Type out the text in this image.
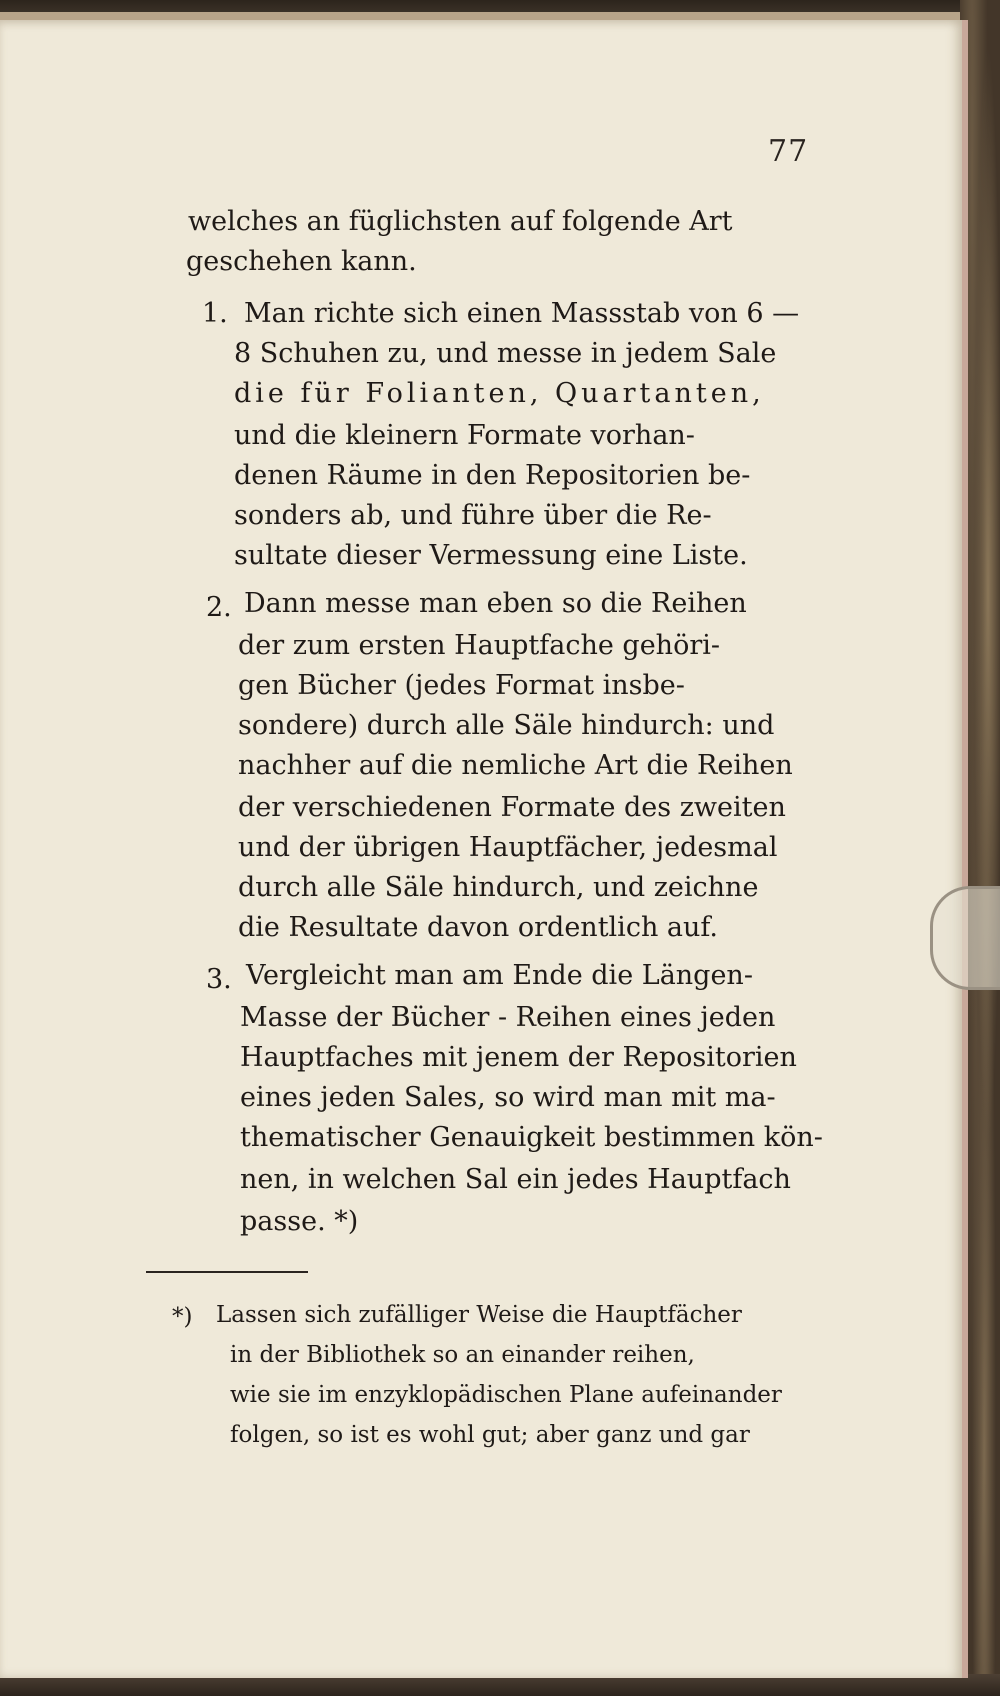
77
welches an füglichsten auf folgende Art
geschehen kann.
1. Man richte sich einen Massstab von 6 —
8 Schuhen zu, und messe in jedem Sale
die für Folianten, Quartanten,
und die kleinern Formate vorhan-
denen Räume in den Repositorien be-
sonders ab, und führe über die Re-
sultate dieser Vermessung eine Liste.
2. Dann messe man eben so die Reihen
der zum ersten Hauptfache gehöri-
gen Bücher (jedes Format insbe-
sondere) durch alle Säle hindurch: und
nachher auf die nemliche Art die Reihen
der verschiedenen Formate des zweiten
und der übrigen Hauptfächer, jedesmal
durch alle Säle hindurch, und zeichne
die Resultate davon ordentlich auf.
3. Vergleicht man am Ende die Längen-
Masse der Bücher - Reihen eines jeden
Hauptfaches mit jenem der Repositorien
eines jeden Sales, so wird man mit ma-
thematischer Genauigkeit bestimmen kön-
nen, in welchen Sal ein jedes Hauptfach
passe. *)
*) Lassen sich zufälliger Weise die Hauptfächer
in der Bibliothek so an einander reihen,
wie sie im enzyklopädischen Plane aufeinander
folgen, so ist es wohl gut; aber ganz und gar
